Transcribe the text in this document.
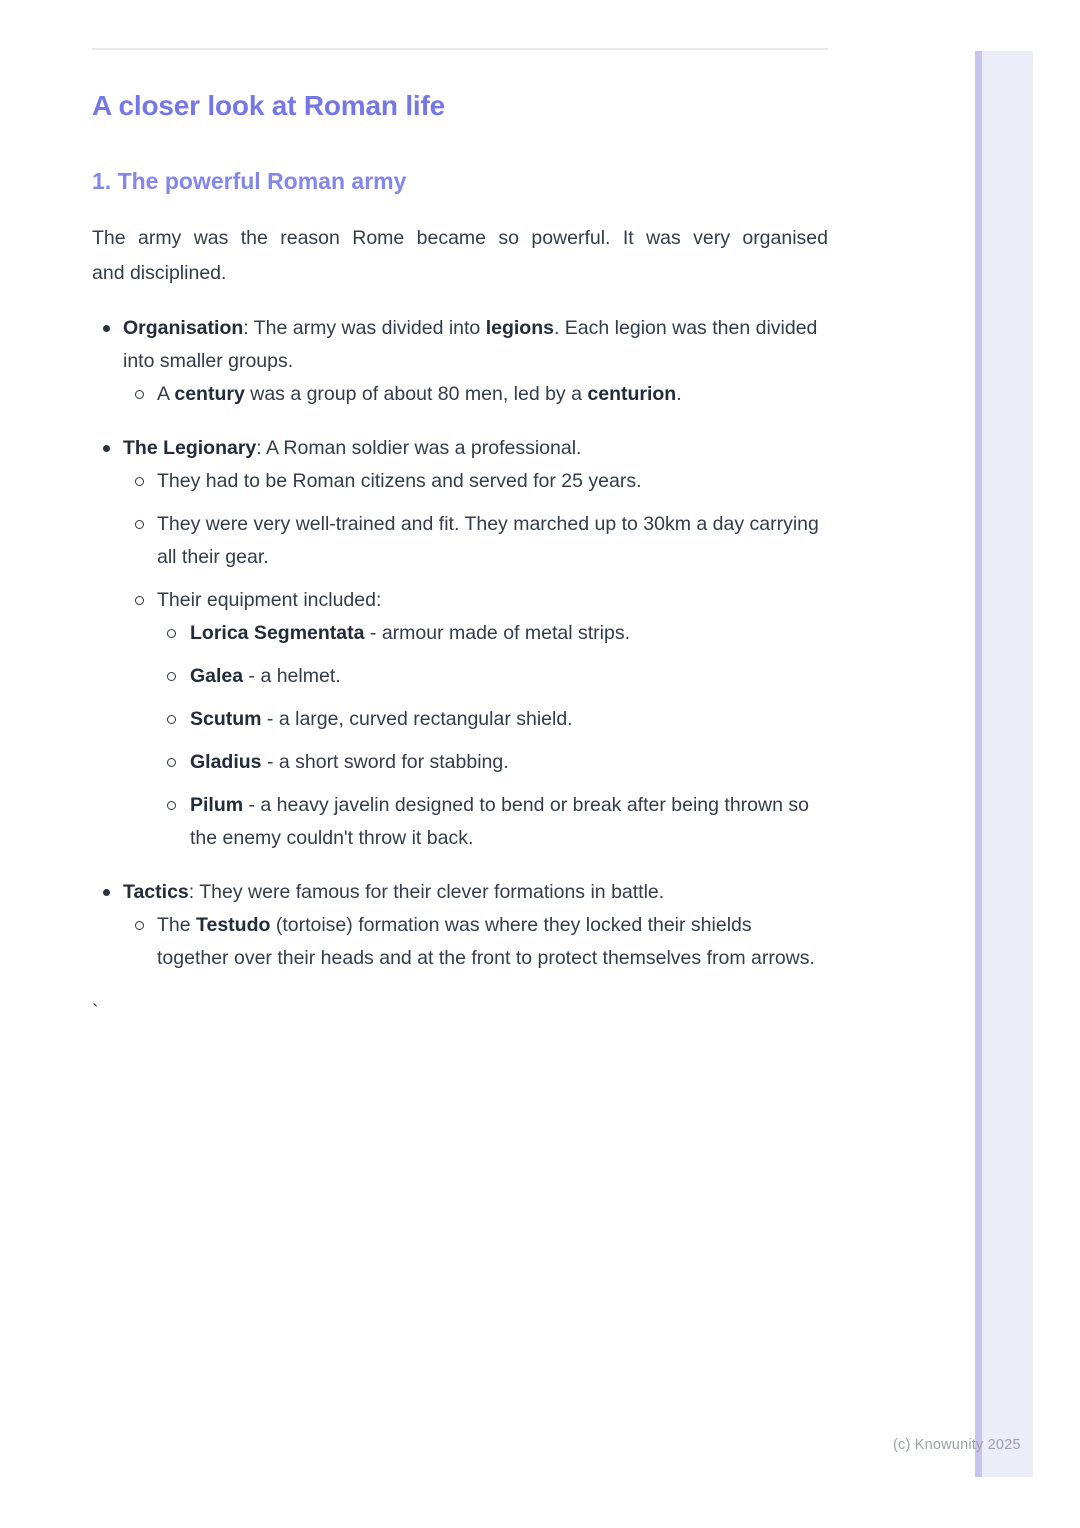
A closer look at Roman life
1. The powerful Roman army

The army was the reason Rome became so powerful. It was very organised
and disciplined.

Organisation: The army was divided into legions. Each legion was then divided into smaller groups.
A century was a group of about 80 men, led by a centurion.
The Legionary: A Roman soldier was a professional.
They had to be Roman citizens and served for 25 years.
They were very well-trained and fit. They marched up to 30km a day carrying all their gear.
Their equipment included:
Lorica Segmentata - armour made of metal strips.
Galea - a helmet.
Scutum - a large, curved rectangular shield.
Gladius - a short sword for stabbing.
Pilum - a heavy javelin designed to bend or break after being thrown so the enemy couldn't throw it back.
Tactics: They were famous for their clever formations in battle.
The Testudo (tortoise) formation was where they locked their shields together over their heads and at the front to protect themselves from arrows.
`
(c) Knowunity 2025
